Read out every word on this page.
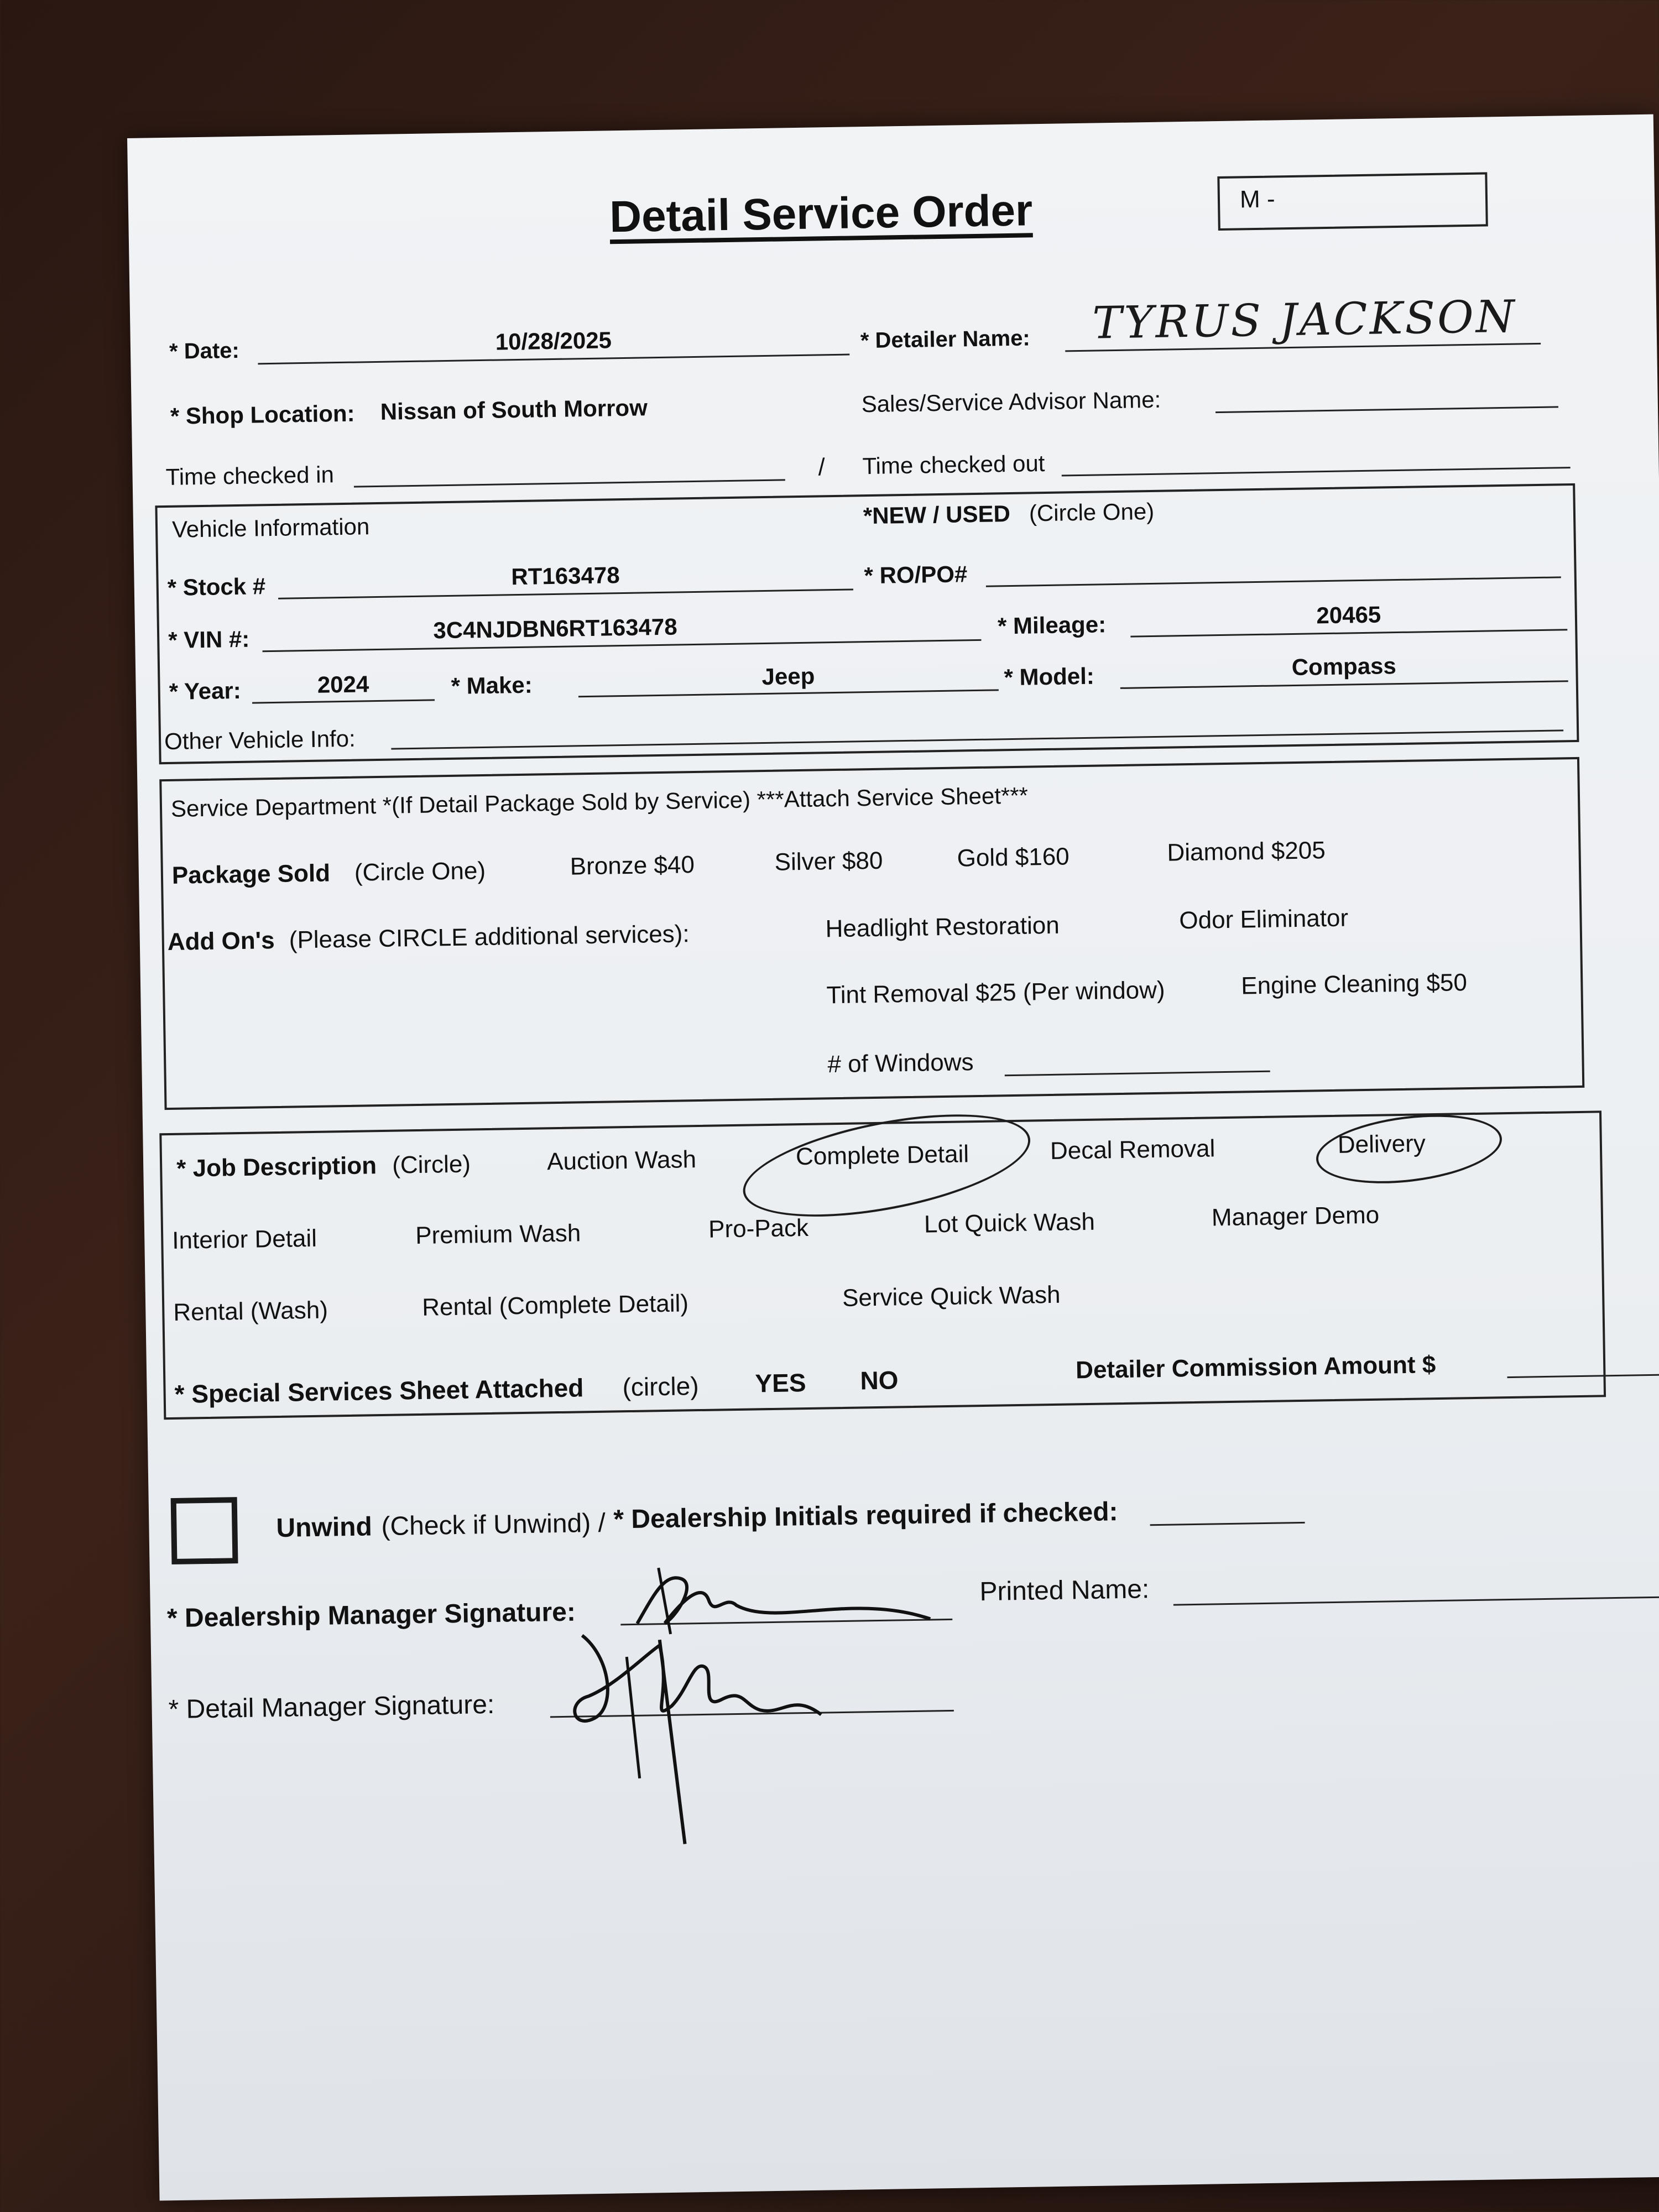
Detail Service Order	M -
* Date:	10/28/2025	* Detailer Name: TYRUS JACKSON
* Shop Location: Nissan of South Morrow	Sales/Service Advisor Name:
Time checked in	/ Time checked out
Vehicle Information	*NEW / USED (Circle One)
* Stock #	RT163478	* RO/PO#
* VIN #:	3C4NJDBN6RT163478	* Mileage:	20465
* Year:	2024	* Make:	Jeep	* Model:	Compass
Other Vehicle Info:
Service Department *(If Detail Package Sold by Service) ***Attach Service Sheet***
Package Sold (Circle One)	Bronze $40	Silver $80	Gold $160	Diamond $205
Add On's (Please CIRCLE additional services):	Headlight Restoration	Odor Eliminator
Tint Removal $25 (Per window)	Engine Cleaning $50
# of Windows
* Job Description (Circle)	Auction Wash	Complete Detail	Decal Removal	Delivery
Interior Detail	Premium Wash	Pro-Pack	Lot Quick Wash	Manager Demo
Rental (Wash)	Rental (Complete Detail)	Service Quick Wash
* Special Services Sheet Attached (circle) YES NO	Detailer Commission Amount $
Unwind (Check if Unwind) / * Dealership Initials required if checked:
* Dealership Manager Signature:
Printed Name:
* Detail Manager Signature:
